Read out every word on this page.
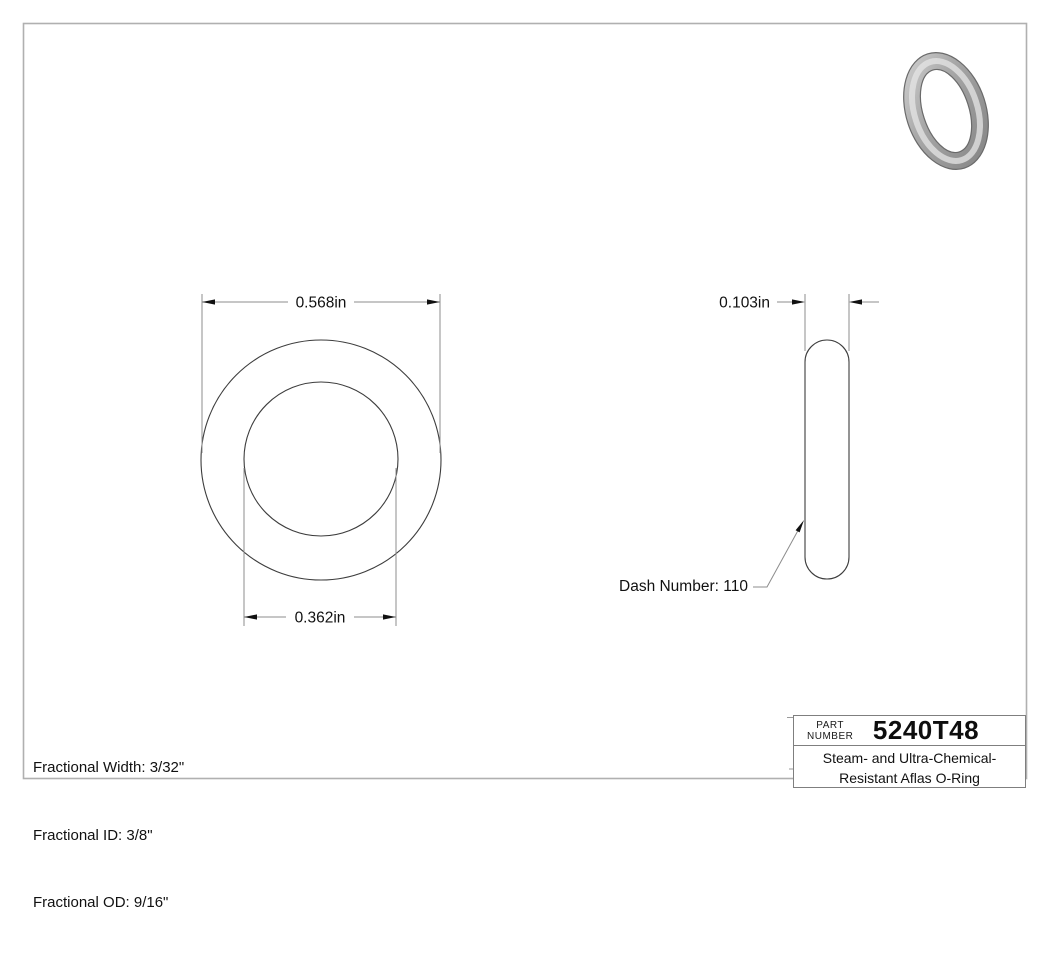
0.568in
0.362in
0.103in
Dash Number: 110

Fractional Width: 3/32"

Fractional ID: 3/8"

Fractional OD: 9/16"

PART
NUMBER 5240T48
Steam- and Ultra-Chemical-
Resistant Aflas O-Ring
